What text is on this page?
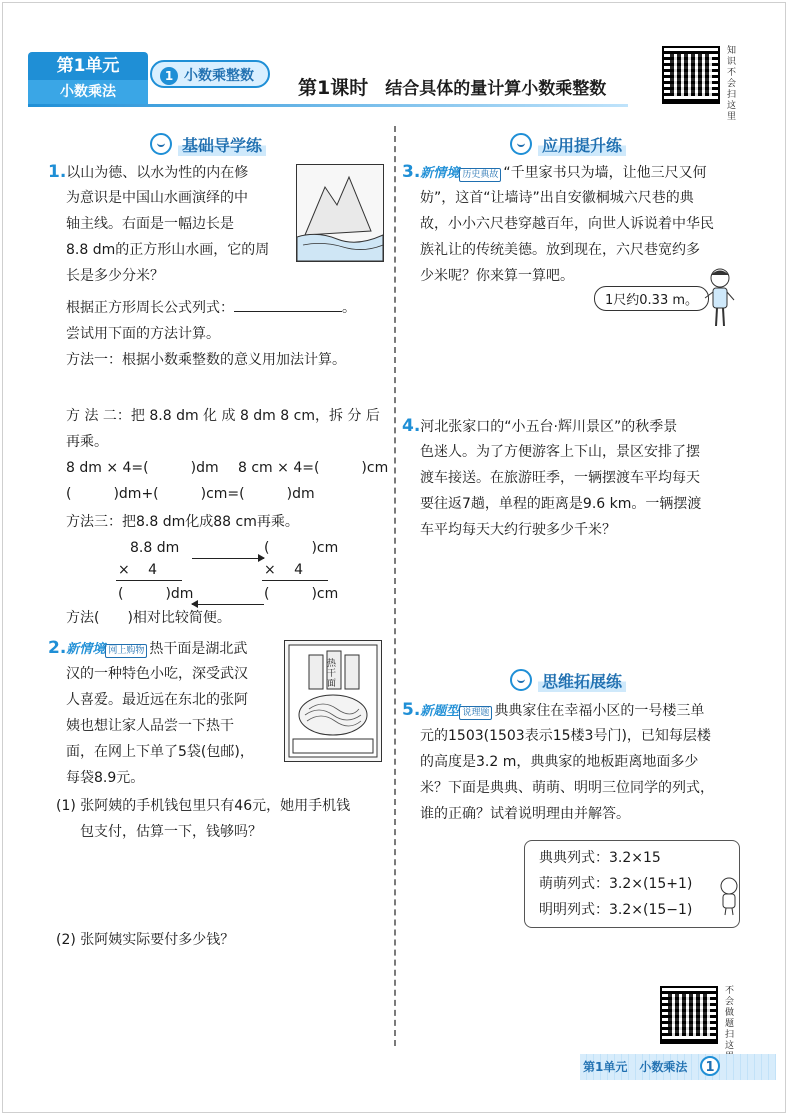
第1单元
小数乘法
1 小数乘整数
第1课时　 结合具体的量计算小数乘整数
知识不会扫这里
基础导学练
1.以山为德、以水为性的内在修
为意识是中国山水画演绎的中
轴主线。右面是一幅边长是
8.8 dm的正方形山水画，它的周
长是多少分米？
根据正方形周长公式列式：	。
尝试用下面的方法计算。
方法一：根据小数乘整数的意义用加法计算。
方 法 二：把 8.8 dm 化 成 8 dm 8 cm，拆 分 后
再乘。
8 dm × 4=(　　　)dm 8 cm × 4=(　　　)cm
(　　　)dm+(　　　)cm=(　　　)dm
方法三：把8.8 dm化成88 cm再乘。
8.8 dm	(　　　)cm
×　 4	×　 4
(　　　)dm	(　　　)cm
方法(　　)相对比较简便。
2.新情境 网上购物 热干面是湖北武
汉的一种特色小吃，深受武汉
人喜爱。最近远在东北的张阿
姨也想让家人品尝一下热干
面，在网上下单了5袋(包邮)，
每袋8.9元。
热干面
(1) 张阿姨的手机钱包里只有46元，她用手机钱
包支付，估算一下，钱够吗？
(2) 张阿姨实际要付多少钱？
应用提升练
3.新情境 历史典故 “千里家书只为墙，让他三尺又何
妨”，这首“让墙诗”出自安徽桐城六尺巷的典
故，小小六尺巷穿越百年，向世人诉说着中华民
族礼让的传统美德。放到现在，六尺巷宽约多
少米呢？你来算一算吧。
1尺约0.33 m。
4.河北张家口的“小五台·辉川景区”的秋季景
色迷人。为了方便游客上下山，景区安排了摆
渡车接送。在旅游旺季，一辆摆渡车平均每天
要往返7趟，单程的距离是9.6 km。一辆摆渡
车平均每天大约行驶多少千米？
思维拓展练
5.新题型 说理题 典典家住在幸福小区的一号楼三单
元的1503(1503表示15楼3号门)，已知每层楼
的高度是3.2 m，典典家的地板距离地面多少
米？下面是典典、萌萌、明明三位同学的列式，
谁的正确？试着说明理由并解答。
典典列式：3.2×15
萌萌列式：3.2×(15+1)
明明列式：3.2×(15−1)
不会做题扫这
第1单元　小数乘法	1
